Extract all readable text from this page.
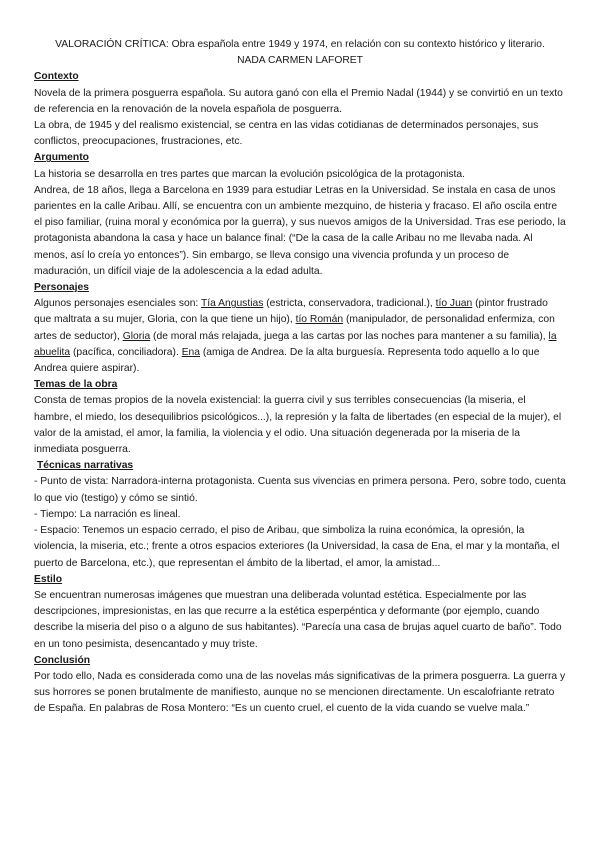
VALORACIÓN CRÍTICA: Obra española entre 1949 y 1974, en relación con su contexto histórico y literario.

NADA CARMEN LAFORET

Contexto

Novela de la primera posguerra española. Su autora ganó con ella el Premio Nadal (1944) y se convirtió en un texto de referencia en la renovación de la novela española de posguerra.

La obra, de 1945 y del realismo existencial, se centra en las vidas cotidianas de determinados personajes, sus conflictos, preocupaciones, frustraciones, etc.

Argumento

La historia se desarrolla en tres partes que marcan la evolución psicológica de la protagonista.

Andrea, de 18 años, llega a Barcelona en 1939 para estudiar Letras en la Universidad. Se instala en casa de unos parientes en la calle Aribau. Allí, se encuentra con un ambiente mezquino, de histeria y fracaso. El año oscila entre el piso familiar, (ruina moral y económica por la guerra), y sus nuevos amigos de la Universidad. Tras ese periodo, la protagonista abandona la casa y hace un balance final: (“De la casa de la calle Aribau no me llevaba nada. Al menos, así lo creía yo entonces”). Sin embargo, se lleva consigo una vivencia profunda y un proceso de maduración, un difícil viaje de la adolescencia a la edad adulta.

Personajes

Algunos personajes esenciales son: Tía Angustias (estricta, conservadora, tradicional.), tío Juan (pintor frustrado que maltrata a su mujer, Gloria, con la que tiene un hijo), tío Román (manipulador, de personalidad enfermiza, con artes de seductor), Gloria (de moral más relajada, juega a las cartas por las noches para mantener a su familia), la abuelita (pacífica, conciliadora). Ena (amiga de Andrea. De la alta burguesía. Representa todo aquello a lo que Andrea quiere aspirar).

Temas de la obra

Consta de temas propios de la novela existencial: la guerra civil y sus terribles consecuencias (la miseria, el hambre, el miedo, los desequilibrios psicológicos...), la represión y la falta de libertades (en especial de la mujer), el valor de la amistad, el amor, la familia, la violencia y el odio. Una situación degenerada por la miseria de la inmediata posguerra.

Técnicas narrativas

- Punto de vista: Narradora-interna protagonista. Cuenta sus vivencias en primera persona. Pero, sobre todo, cuenta lo que vio (testigo) y cómo se sintió.

- Tiempo: La narración es lineal.

- Espacio: Tenemos un espacio cerrado, el piso de Aribau, que simboliza la ruina económica, la opresión, la violencia, la miseria, etc.; frente a otros espacios exteriores (la Universidad, la casa de Ena, el mar y la montaña, el puerto de Barcelona, etc.), que representan el ámbito de la libertad, el amor, la amistad...

Estilo

Se encuentran numerosas imágenes que muestran una deliberada voluntad estética. Especialmente por las descripciones, impresionistas, en las que recurre a la estética esperpéntica y deformante (por ejemplo, cuando describe la miseria del piso o a alguno de sus habitantes). “Parecía una casa de brujas aquel cuarto de baño”. Todo en un tono pesimista, desencantado y muy triste.

Conclusión

Por todo ello, Nada es considerada como una de las novelas más significativas de la primera posguerra. La guerra y sus horrores se ponen brutalmente de manifiesto, aunque no se mencionen directamente. Un escalofriante retrato de España. En palabras de Rosa Montero: “Es un cuento cruel, el cuento de la vida cuando se vuelve mala.”
